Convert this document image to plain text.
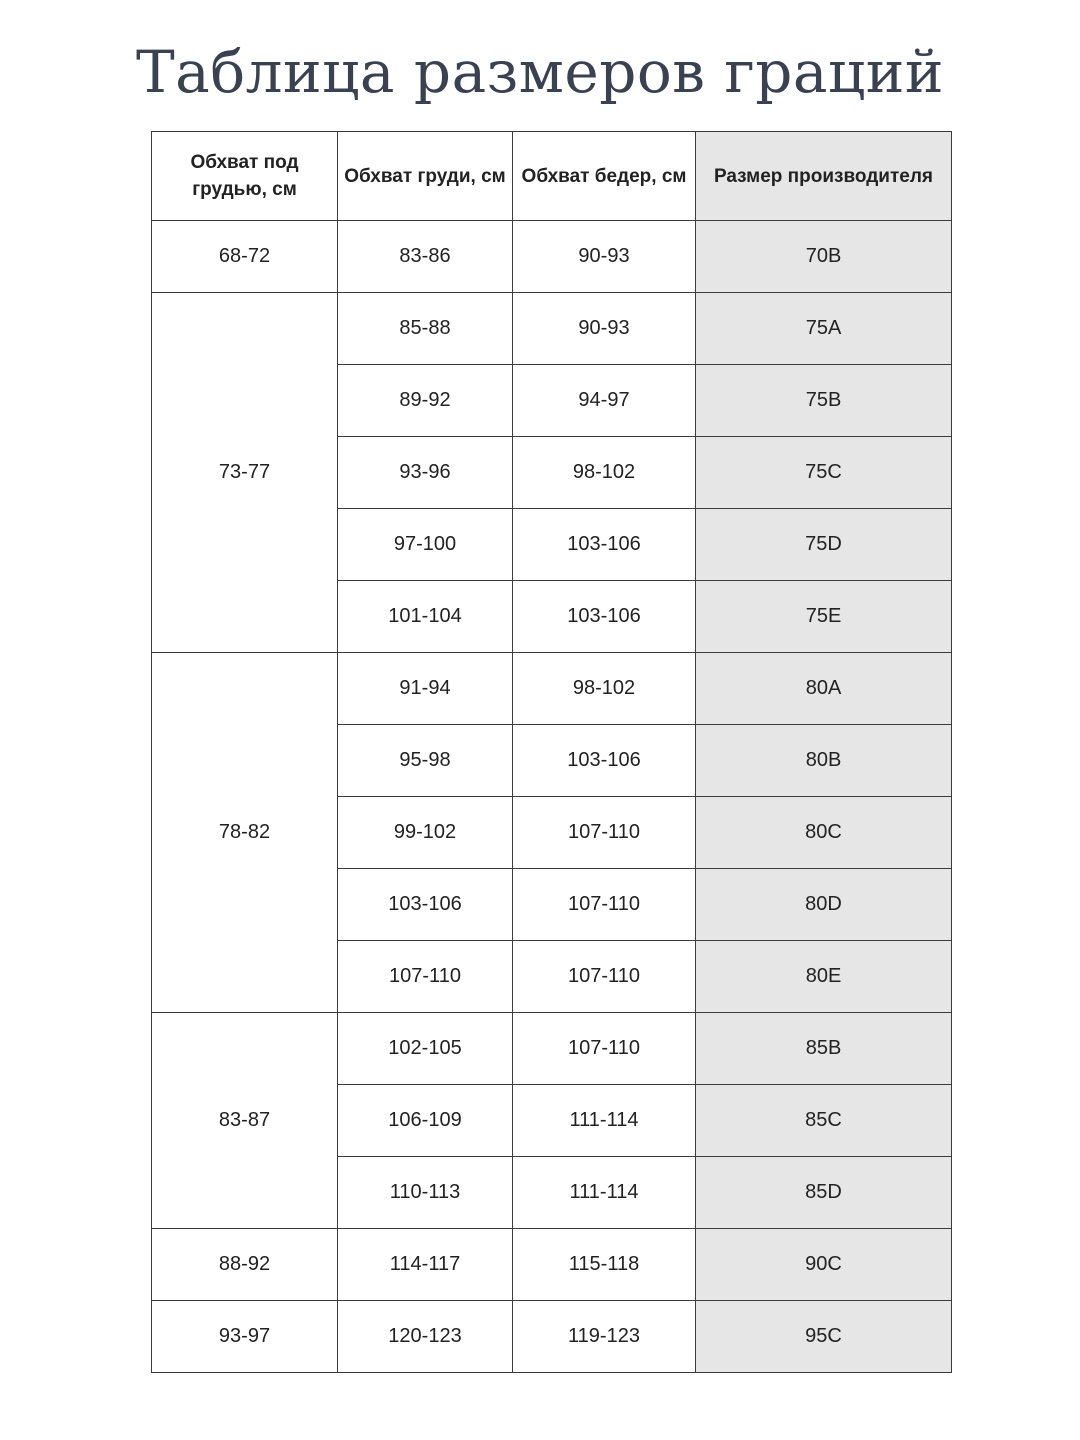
Таблица размеров граций
Обхват под грудью, см	Обхват груди, см	Обхват бедер, см	Размер производителя
68-72	83-86	90-93	70B
73-77	85-88	90-93	75A
	89-92	94-97	75B
	93-96	98-102	75C
	97-100	103-106	75D
	101-104	103-106	75E
78-82	91-94	98-102	80A
	95-98	103-106	80B
	99-102	107-110	80C
	103-106	107-110	80D
	107-110	107-110	80E
83-87	102-105	107-110	85B
	106-109	111-114	85C
	110-113	111-114	85D
88-92	114-117	115-118	90C
93-97	120-123	119-123	95C
